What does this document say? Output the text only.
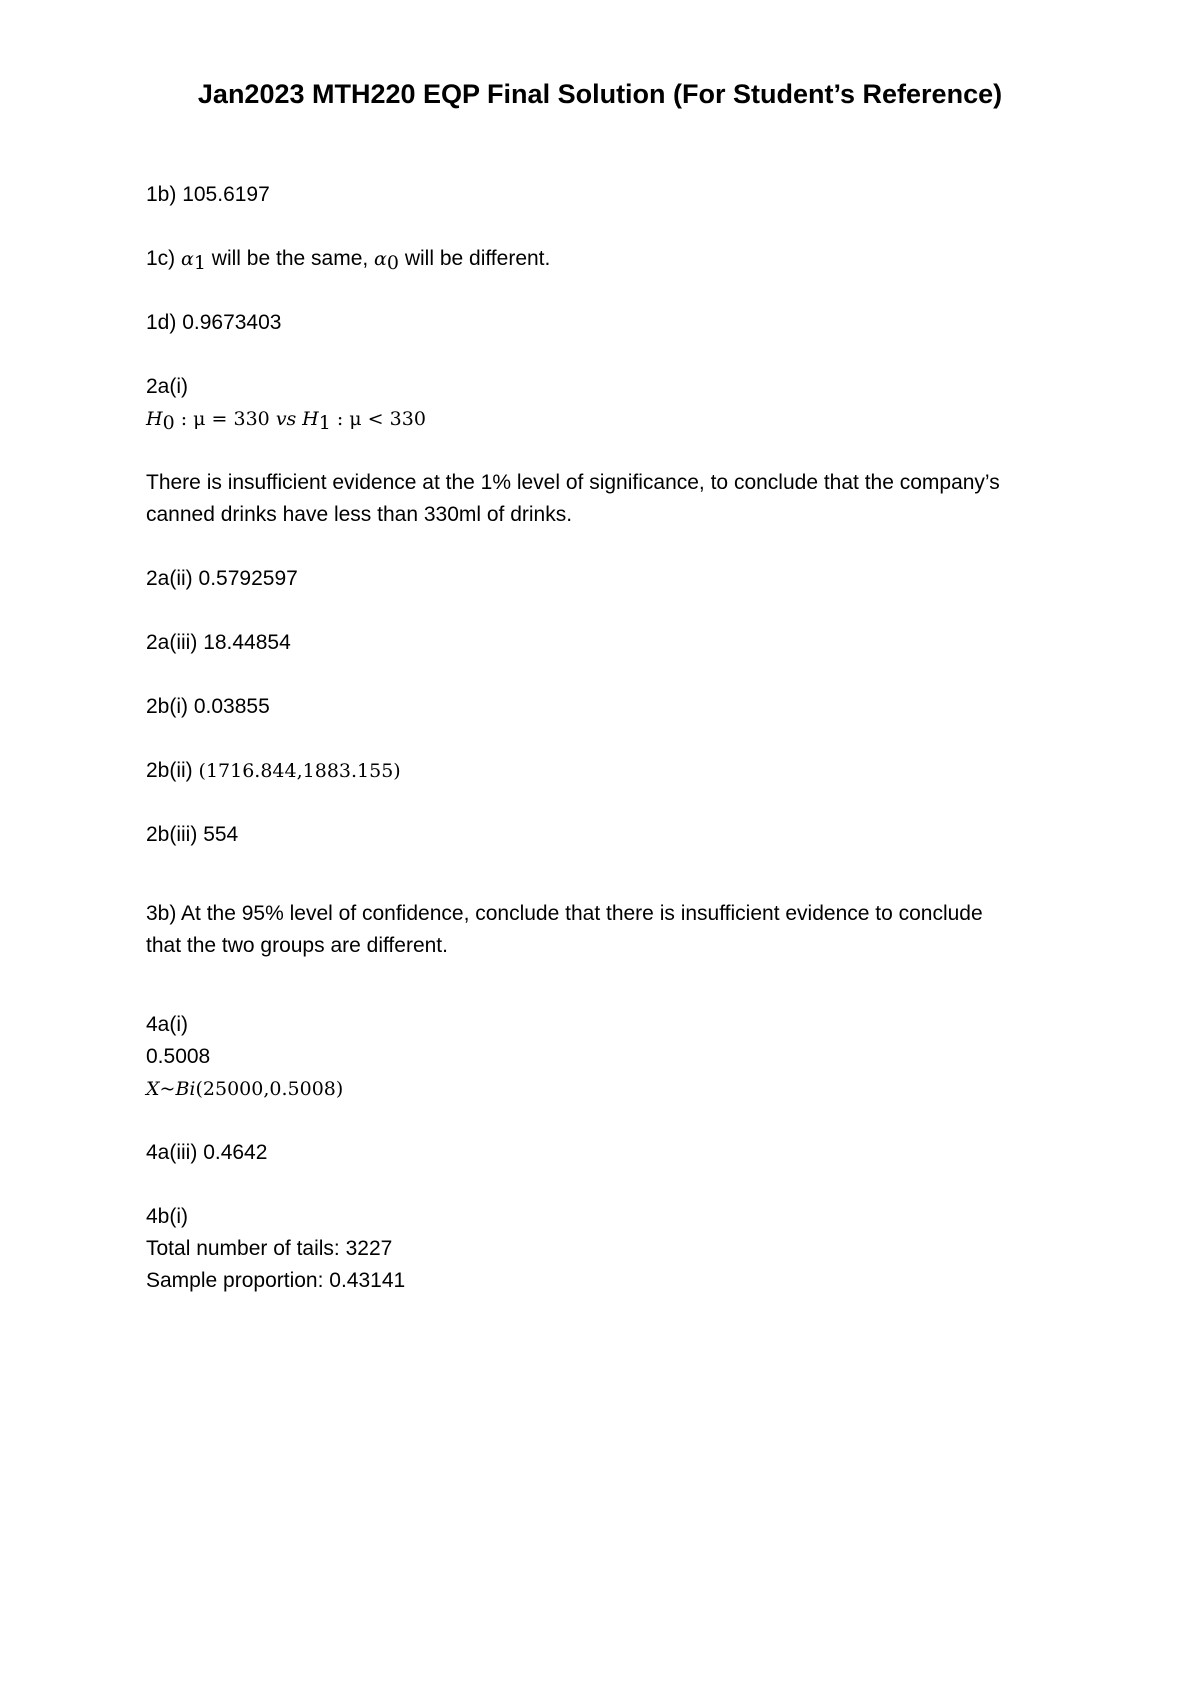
Jan2023 MTH220 EQP Final Solution (For Student’s Reference)
1b) 105.6197
1c) $\alpha_1$ will be the same, $\alpha_0$ will be different.
1d) 0.9673403
2a(i)
$H_0$ : μ = 330 vs $H_1$ : μ < 330
There is insufficient evidence at the 1% level of significance, to conclude that the company’s
canned drinks have less than 330ml of drinks.
2a(ii) 0.5792597
2a(iii) 18.44854
2b(i) 0.03855
2b(ii) (1716.844,1883.155)
2b(iii) 554
3b) At the 95% level of confidence, conclude that there is insufficient evidence to conclude
that the two groups are different.
4a(i)
0.5008
X~Bi(25000,0.5008)
4a(iii) 0.4642
4b(i)
Total number of tails: 3227
Sample proportion: 0.43141
